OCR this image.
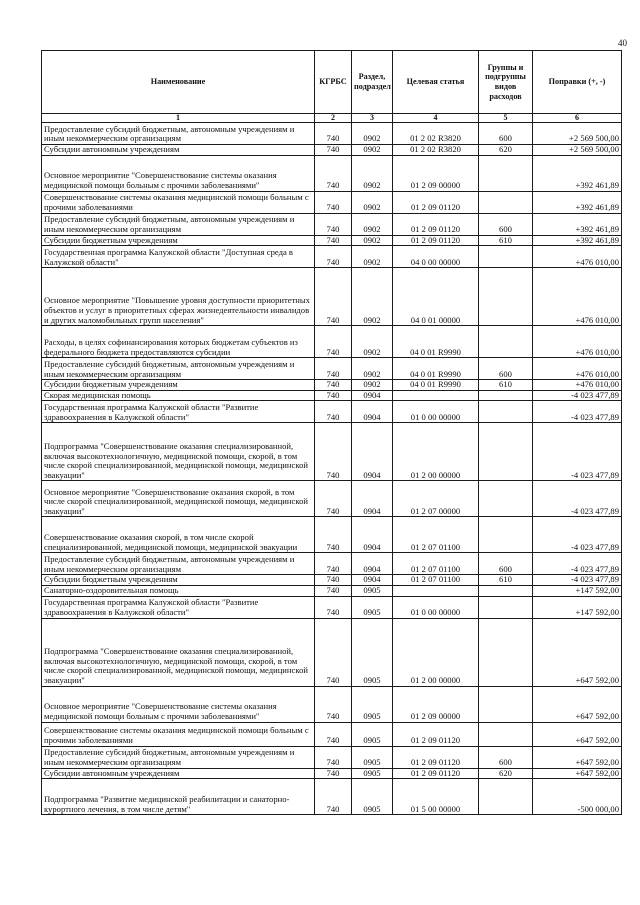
40
Наименование	КГРБС	Раздел, подраздел	Целевая статья	Группы и подгруппы видов расходов	Поправки (+, -)
1	2	3	4	5	6
Предоставление субсидий бюджетным, автономным учреждениям и иным некоммерческим организациям	740	0902	01 2 02 R3820	600	+2 569 500,00
Субсидии автономным учреждениям	740	0902	01 2 02 R3820	620	+2 569 500,00
Основное мероприятие "Совершенствование системы оказания медицинской помощи больным с прочими заболеваниями"	740	0902	01 2 09 00000		+392 461,89
Совершенствование системы оказания медицинской помощи больным с прочими заболеваниями	740	0902	01 2 09 01120		+392 461,89
Предоставление субсидий бюджетным, автономным учреждениям и иным некоммерческим организациям	740	0902	01 2 09 01120	600	+392 461,89
Субсидии бюджетным учреждениям	740	0902	01 2 09 01120	610	+392 461,89
Государственная программа Калужской области "Доступная среда в Калужской области"	740	0902	04 0 00 00000		+476 010,00
Основное мероприятие "Повышение уровня доступности приоритетных объектов и услуг в приоритетных сферах жизнедеятельности инвалидов и других маломобильных групп населения"	740	0902	04 0 01 00000		+476 010,00
Расходы, в целях софинансирования которых бюджетам субъектов из федерального бюджета предоставляются субсидии	740	0902	04 0 01 R9990		+476 010,00
Предоставление субсидий бюджетным, автономным учреждениям и иным некоммерческим организациям	740	0902	04 0 01 R9990	600	+476 010,00
Субсидии бюджетным учреждениям	740	0902	04 0 01 R9990	610	+476 010,00
Скорая медицинская помощь	740	0904			-4 023 477,89
Государственная программа Калужской области "Развитие здравоохранения в Калужской области"	740	0904	01 0 00 00000		-4 023 477,89
Подпрограмма "Совершенствование оказания специализированной, включая высокотехнологичную, медицинской помощи, скорой, в том числе скорой специализированной, медицинской помощи, медицинской эвакуации"	740	0904	01 2 00 00000		-4 023 477,89
Основное мероприятие "Совершенствование оказания скорой, в том числе скорой специализированной, медицинской помощи, медицинской эвакуации"	740	0904	01 2 07 00000		-4 023 477,89
Совершенствование оказания скорой, в том числе скорой специализированной, медицинской помощи, медицинской эвакуации	740	0904	01 2 07 01100		-4 023 477,89
Предоставление субсидий бюджетным, автономным учреждениям и иным некоммерческим организациям	740	0904	01 2 07 01100	600	-4 023 477,89
Субсидии бюджетным учреждениям	740	0904	01 2 07 01100	610	-4 023 477,89
Санаторно-оздоровительная помощь	740	0905			+147 592,00
Государственная программа Калужской области "Развитие здравоохранения в Калужской области"	740	0905	01 0 00 00000		+147 592,00
Подпрограмма "Совершенствование оказания специализированной, включая высокотехнологичную, медицинской помощи, скорой, в том числе скорой специализированной, медицинской помощи, медицинской эвакуации"	740	0905	01 2 00 00000		+647 592,00
Основное мероприятие "Совершенствование системы оказания медицинской помощи больным с прочими заболеваниями"	740	0905	01 2 09 00000		+647 592,00
Совершенствование системы оказания медицинской помощи больным с прочими заболеваниями	740	0905	01 2 09 01120		+647 592,00
Предоставление субсидий бюджетным, автономным учреждениям и иным некоммерческим организациям	740	0905	01 2 09 01120	600	+647 592,00
Субсидии автономным учреждениям	740	0905	01 2 09 01120	620	+647 592,00
Подпрограмма "Развитие медицинской реабилитации и санаторно-курортного лечения, в том числе детям"	740	0905	01 5 00 00000		-500 000,00
